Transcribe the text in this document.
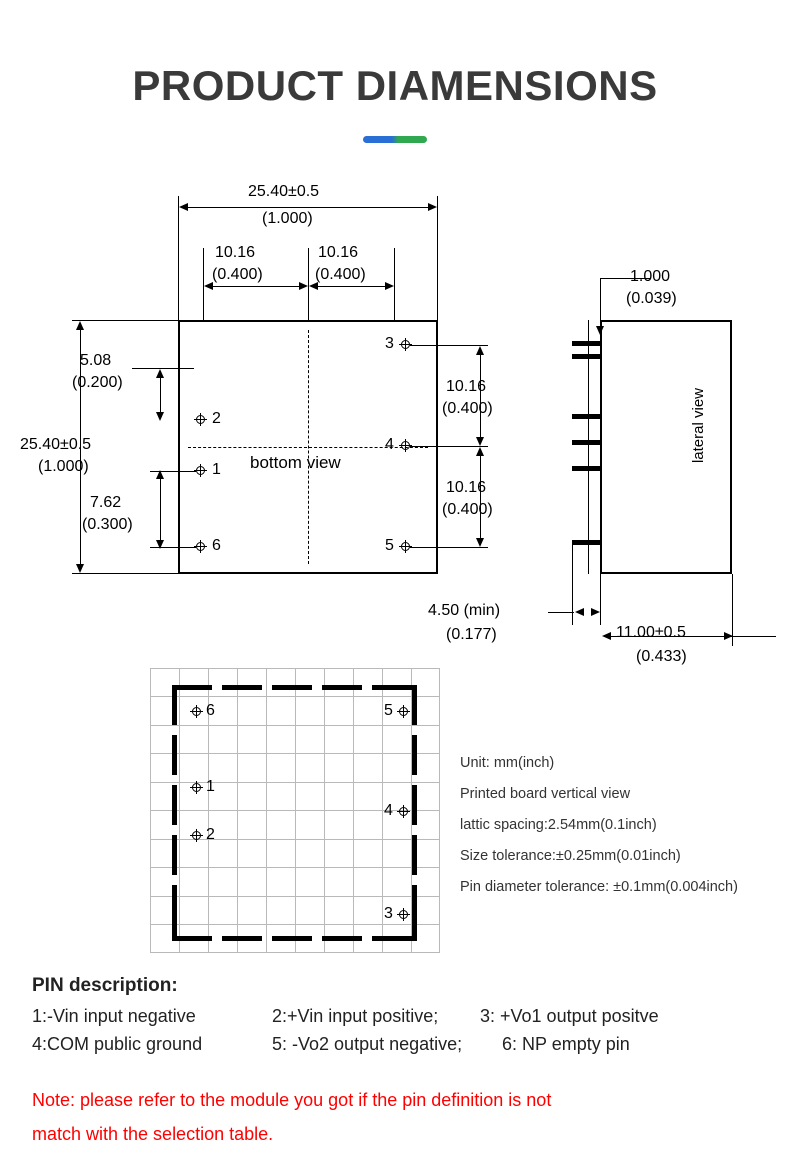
PRODUCT DIAMENSIONS
bottom view
2
1
6
3
4
5
25.40±0.5
(1.000)
10.16
(0.400)
10.16
(0.400)
25.40±0.5
(1.000)
5.08
(0.200)
7.62
(0.300)
10.16
(0.400)
10.16
(0.400)
lateral view
1.000
(0.039)
4.50 (min)
(0.177)	11.00±0.5
(0.433)
6
1
2
5
4
3
Unit: mm(inch)
Printed board vertical view
lattic spacing:2.54mm(0.1inch)
Size tolerance:±0.25mm(0.01inch)
Pin diameter tolerance: ±0.1mm(0.004inch)
PIN description:
1:-Vin input negative	2:+Vin input positive; 3: +Vo1 output positve
4:COM public ground	5: -Vo2 output negative; 6: NP empty pin
Note: please refer to the module you got if the pin definition is not
match with the selection table.
